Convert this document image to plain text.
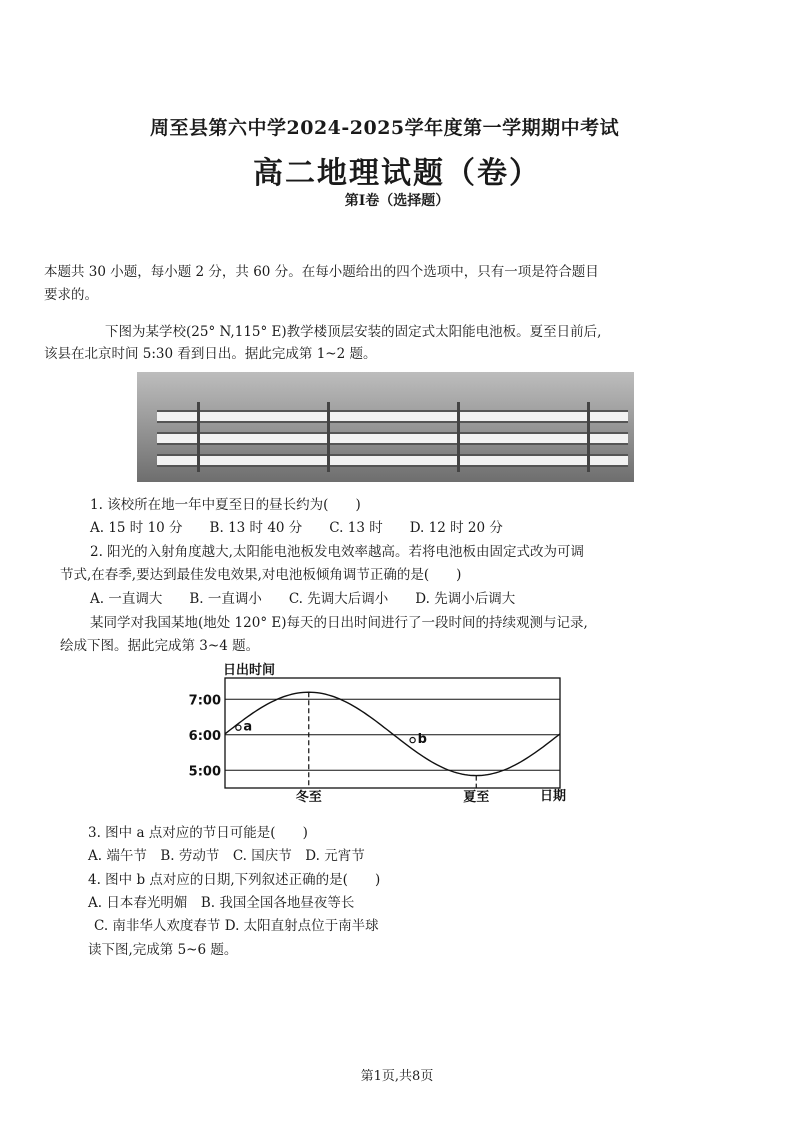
周至县第六中学2024-2025学年度第一学期期中考试
高二地理试题（卷）
第Ⅰ卷（选择题）
本题共 30 小题，每小题 2 分，共 60 分。在每小题给出的四个选项中，只有一项是符合题目
要求的。
下图为某学校(25° N,115° E)教学楼顶层安装的固定式太阳能电池板。夏至日前后,
该县在北京时间 5:30 看到日出。据此完成第 1~2 题。
1. 该校所在地一年中夏至日的昼长约为(　　)
A. 15 时 10 分　　B. 13 时 40 分　　C. 13 时　　D. 12 时 20 分
2. 阳光的入射角度越大,太阳能电池板发电效率越高。若将电池板由固定式改为可调
节式,在春季,要达到最佳发电效果,对电池板倾角调节正确的是(　　)
A. 一直调大　　B. 一直调小　　C. 先调大后调小　　D. 先调小后调大
某同学对我国某地(地处 120° E)每天的日出时间进行了一段时间的持续观测与记录,
绘成下图。据此完成第 3~4 题。
日出时间
7:00
6:00
5:00
冬至	夏至
a
b
日期
3. 图中 a 点对应的节日可能是(　　)
A. 端午节　B. 劳动节　C. 国庆节　D. 元宵节
4. 图中 b 点对应的日期,下列叙述正确的是(　　)
A. 日本春光明媚　B. 我国全国各地昼夜等长
C. 南非华人欢度春节 D. 太阳直射点位于南半球
读下图,完成第 5~6 题。
第1页,共8页
